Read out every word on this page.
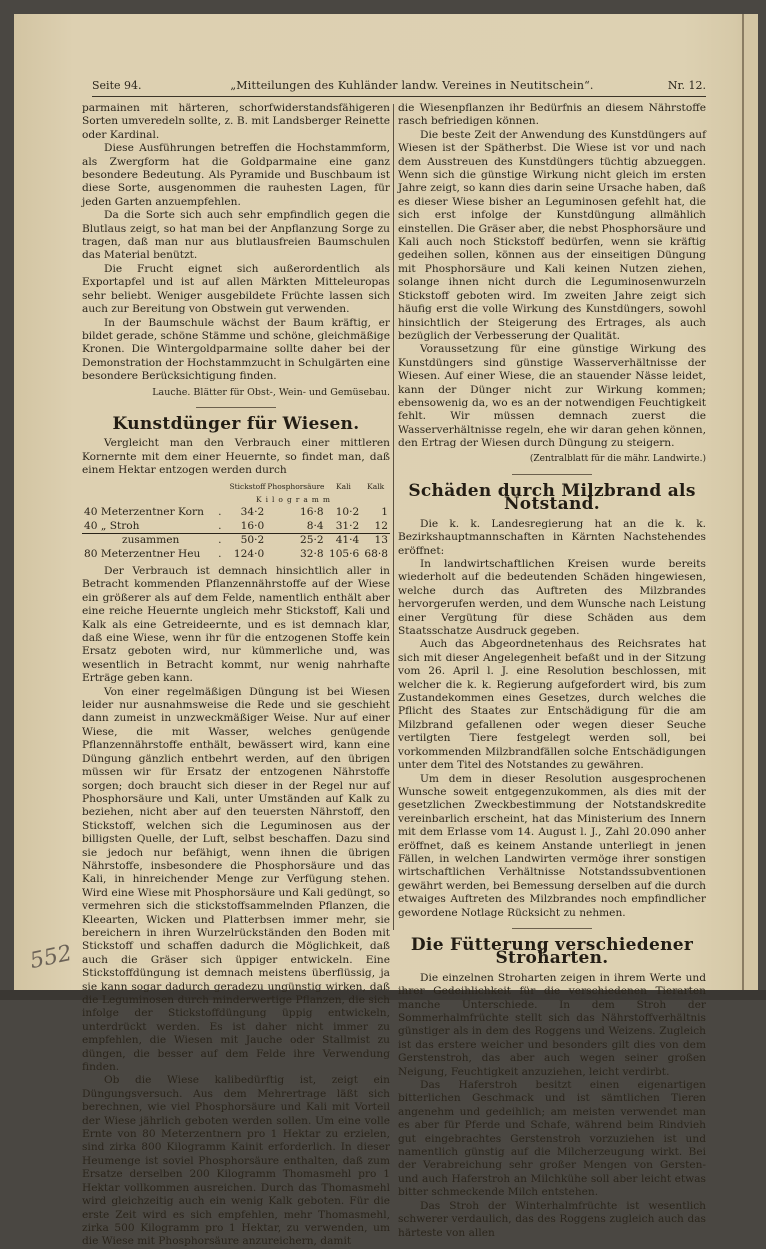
Seite 94.	„Mitteilungen des Kuhländer landw. Vereines in Neutitschein“.	Nr. 12.

parmainen mit härteren, schorfwiderstandsfähigeren Sorten umveredeln sollte, z. B. mit Landsberger Reinette oder Kardinal.

Diese Ausführungen betreffen die Hochstammform, als Zwergform hat die Goldparmaine eine ganz besondere Bedeutung. Als Pyramide und Buschbaum ist diese Sorte, ausgenommen die rauhesten Lagen, für jeden Garten anzuempfehlen.

Da die Sorte sich auch sehr empfindlich gegen die Blutlaus zeigt, so hat man bei der Anpflanzung Sorge zu tragen, daß man nur aus blutlausfreien Baumschulen das Material benützt.

Die Frucht eignet sich außerordentlich als Exportapfel und ist auf allen Märkten Mitteleuropas sehr beliebt. Weniger ausgebildete Früchte lassen sich auch zur Bereitung von Obstwein gut verwenden.

In der Baumschule wächst der Baum kräftig, er bildet gerade, schöne Stämme und schöne, gleichmäßige Kronen. Die Wintergoldparmaine sollte daher bei der Demonstration der Hochstammzucht in Schulgärten eine besondere Berücksichtigung finden.

Lauche. Blätter für Obst-, Wein- und Gemüsebau.

Kunstdünger für Wiesen.

Vergleicht man den Verbrauch einer mittleren Kornernte mit dem einer Heuernte, so findet man, daß einem Hektar entzogen werden durch

		Stickstoff	Phosphorsäure	Kali	Kalk
		Kilogramm			
40 Meterzentner Korn	.	34·2	16·8	10·2	1
40 „ Stroh	.	16·0	8·4	31·2	12
zusammen	.	50·2	25·2	41·4	13
80 Meterzentner Heu	.	124·0	32·8	105·6	68·8

Der Verbrauch ist demnach hinsichtlich aller in Betracht kommenden Pflanzennährstoffe auf der Wiese ein größerer als auf dem Felde, namentlich enthält aber eine reiche Heuernte ungleich mehr Stickstoff, Kali und Kalk als eine Getreideernte, und es ist demnach klar, daß eine Wiese, wenn ihr für die entzogenen Stoffe kein Ersatz geboten wird, nur kümmerliche und, was wesentlich in Betracht kommt, nur wenig nahrhafte Erträge geben kann.

Von einer regelmäßigen Düngung ist bei Wiesen leider nur ausnahmsweise die Rede und sie geschieht dann zumeist in unzweckmäßiger Weise. Nur auf einer Wiese, die mit Wasser, welches genügende Pflanzennährstoffe enthält, bewässert wird, kann eine Düngung gänzlich entbehrt werden, auf den übrigen müssen wir für Ersatz der entzogenen Nährstoffe sorgen; doch braucht sich dieser in der Regel nur auf Phosphorsäure und Kali, unter Umständen auf Kalk zu beziehen, nicht aber auf den teuersten Nährstoff, den Stickstoff, welchen sich die Leguminosen aus der billigsten Quelle, der Luft, selbst beschaffen. Dazu sind sie jedoch nur befähigt, wenn ihnen die übrigen Nährstoffe, insbesondere die Phosphorsäure und das Kali, in hinreichender Menge zur Verfügung stehen. Wird eine Wiese mit Phosphorsäure und Kali gedüngt, so vermehren sich die stickstoffsammelnden Pflanzen, die Kleearten, Wicken und Platterbsen immer mehr, sie bereichern in ihren Wurzelrückständen den Boden mit Stickstoff und schaffen dadurch die Möglichkeit, daß auch die Gräser sich üppiger entwickeln. Eine Stickstoffdüngung ist demnach meistens überflüssig, ja sie kann sogar dadurch geradezu ungünstig wirken, daß die Leguminosen durch minderwertige Pflanzen, die sich infolge der Stickstoffdüngung üppig entwickeln, unterdrückt werden. Es ist daher nicht immer zu empfehlen, die Wiesen mit Jauche oder Stallmist zu düngen, die besser auf dem Felde ihre Verwendung finden.

Ob die Wiese kalibedürftig ist, zeigt ein Düngungsversuch. Aus dem Mehrertrage läßt sich berechnen, wie viel Phosphorsäure und Kali mit Vorteil der Wiese jährlich geboten werden sollen. Um eine volle Ernte von 80 Meterzentnern pro 1 Hektar zu erzielen, sind zirka 800 Kilogramm Kainit erforderlich. In dieser Heumenge ist soviel Phosphorsäure enthalten, daß zum Ersatze derselben 200 Kilogramm Thomasmehl pro 1 Hektar vollkommen ausreichen. Durch das Thomasmehl wird gleichzeitig auch ein wenig Kalk geboten. Für die erste Zeit wird es sich empfehlen, mehr Thomasmehl, zirka 500 Kilogramm pro 1 Hektar, zu verwenden, um die Wiese mit Phosphorsäure anzureichern, damit

die Wiesenpflanzen ihr Bedürfnis an diesem Nährstoffe rasch befriedigen können.

Die beste Zeit der Anwendung des Kunstdüngers auf Wiesen ist der Spätherbst. Die Wiese ist vor und nach dem Ausstreuen des Kunstdüngers tüchtig abzueggen. Wenn sich die günstige Wirkung nicht gleich im ersten Jahre zeigt, so kann dies darin seine Ursache haben, daß es dieser Wiese bisher an Leguminosen gefehlt hat, die sich erst infolge der Kunstdüngung allmählich einstellen. Die Gräser aber, die nebst Phosphorsäure und Kali auch noch Stickstoff bedürfen, wenn sie kräftig gedeihen sollen, können aus der einseitigen Düngung mit Phosphorsäure und Kali keinen Nutzen ziehen, solange ihnen nicht durch die Leguminosenwurzeln Stickstoff geboten wird. Im zweiten Jahre zeigt sich häufig erst die volle Wirkung des Kunstdüngers, sowohl hinsichtlich der Steigerung des Ertrages, als auch bezüglich der Verbesserung der Qualität.

Voraussetzung für eine günstige Wirkung des Kunstdüngers sind günstige Wasserverhältnisse der Wiesen. Auf einer Wiese, die an stauender Nässe leidet, kann der Dünger nicht zur Wirkung kommen; ebensowenig da, wo es an der notwendigen Feuchtigkeit fehlt. Wir müssen demnach zuerst die Wasserverhältnisse regeln, ehe wir daran gehen können, den Ertrag der Wiesen durch Düngung zu steigern.

(Zentralblatt für die mähr. Landwirte.)

Schäden durch Milzbrand als Notstand.

Die k. k. Landesregierung hat an die k. k. Bezirkshauptmannschaften in Kärnten Nachstehendes eröffnet:

In landwirtschaftlichen Kreisen wurde bereits wiederholt auf die bedeutenden Schäden hingewiesen, welche durch das Auftreten des Milzbrandes hervorgerufen werden, und dem Wunsche nach Leistung einer Vergütung für diese Schäden aus dem Staatsschatze Ausdruck gegeben.

Auch das Abgeordnetenhaus des Reichsrates hat sich mit dieser Angelegenheit befaßt und in der Sitzung vom 26. April l. J. eine Resolution beschlossen, mit welcher die k. k. Regierung aufgefordert wird, bis zum Zustandekommen eines Gesetzes, durch welches die Pflicht des Staates zur Entschädigung für die am Milzbrand gefallenen oder wegen dieser Seuche vertilgten Tiere festgelegt werden soll, bei vorkommenden Milzbrandfällen solche Entschädigungen unter dem Titel des Notstandes zu gewähren.

Um dem in dieser Resolution ausgesprochenen Wunsche soweit entgegenzukommen, als dies mit der gesetzlichen Zweckbestimmung der Notstandskredite vereinbarlich erscheint, hat das Ministerium des Innern mit dem Erlasse vom 14. August l. J., Zahl 20.090 anher eröffnet, daß es keinem Anstande unterliegt in jenen Fällen, in welchen Landwirten vermöge ihrer sonstigen wirtschaftlichen Verhältnisse Notstandssubventionen gewährt werden, bei Bemessung derselben auf die durch etwaiges Auftreten des Milzbrandes noch empfindlicher gewordene Notlage Rücksicht zu nehmen.

Die Fütterung verschiedener Stroharten.

Die einzelnen Stroharten zeigen in ihrem Werte und ihrer Gedeihlichkeit für die verschiedenen Tierarten manche Unterschiede. In dem Stroh der Sommerhalmfrüchte stellt sich das Nährstoffverhältnis günstiger als in dem des Roggens und Weizens. Zugleich ist das erstere weicher und besonders gilt dies von dem Gerstenstroh, das aber auch wegen seiner großen Neigung, Feuchtigkeit anzuziehen, leicht verdirbt.

Das Haferstroh besitzt einen eigenartigen bitterlichen Geschmack und ist sämtlichen Tieren angenehm und gedeihlich; am meisten verwendet man es aber für Pferde und Schafe, während beim Rindvieh gut eingebrachtes Gerstenstroh vorzuziehen ist und namentlich günstig auf die Milcherzeugung wirkt. Bei der Verabreichung sehr großer Mengen von Gersten- und auch Haferstroh an Milchkühe soll aber leicht etwas bitter schmeckende Milch entstehen.

Das Stroh der Winterhalmfrüchte ist wesentlich schwerer verdaulich, das des Roggens zugleich auch das härteste von allen

552
